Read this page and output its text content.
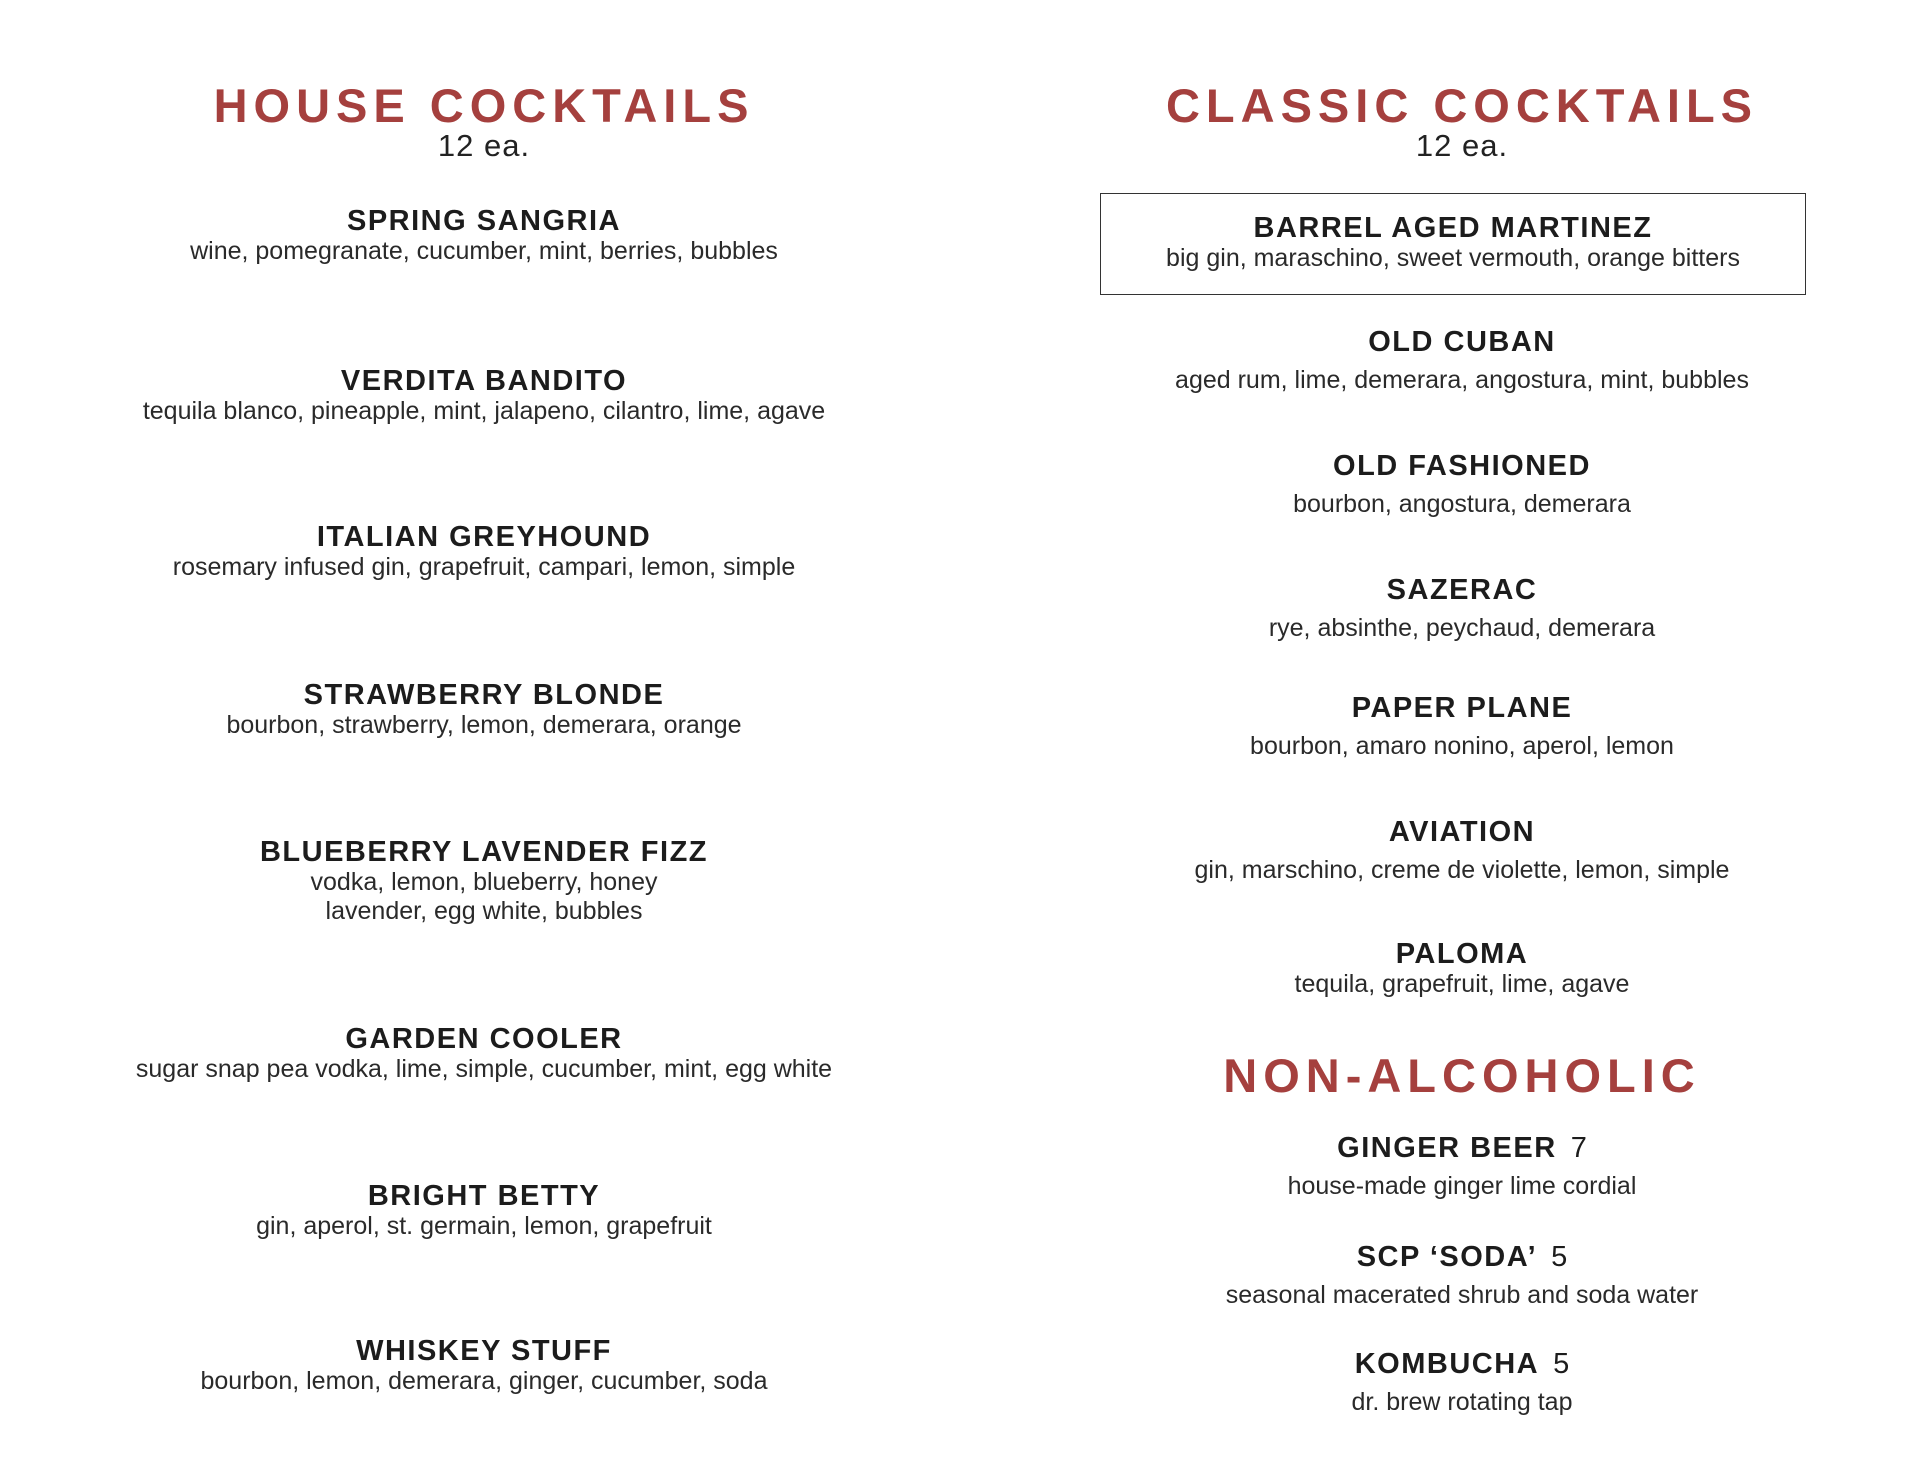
HOUSE COCKTAILS
12 ea.
SPRING SANGRIA
wine, pomegranate, cucumber, mint, berries, bubbles
VERDITA BANDITO
tequila blanco, pineapple, mint, jalapeno, cilantro, lime, agave
ITALIAN GREYHOUND
rosemary infused gin, grapefruit, campari, lemon, simple
STRAWBERRY BLONDE
bourbon, strawberry, lemon, demerara, orange
BLUEBERRY LAVENDER FIZZ
vodka, lemon, blueberry, honey
lavender, egg white, bubbles
GARDEN COOLER
sugar snap pea vodka, lime, simple, cucumber, mint, egg white
BRIGHT BETTY
gin, aperol, st. germain, lemon, grapefruit
WHISKEY STUFF
bourbon, lemon, demerara, ginger, cucumber, soda
CLASSIC COCKTAILS
12 ea.
BARREL AGED MARTINEZ
big gin, maraschino, sweet vermouth, orange bitters
OLD CUBAN
aged rum, lime, demerara, angostura, mint, bubbles
OLD FASHIONED
bourbon, angostura, demerara
SAZERAC
rye, absinthe, peychaud, demerara
PAPER PLANE
bourbon, amaro nonino, aperol, lemon
AVIATION
gin, marschino, creme de violette, lemon, simple
PALOMA
tequila, grapefruit, lime, agave
NON-ALCOHOLIC
GINGER BEER 7
house-made ginger lime cordial
SCP ‘SODA’ 5
seasonal macerated shrub and soda water
KOMBUCHA 5
dr. brew rotating tap
